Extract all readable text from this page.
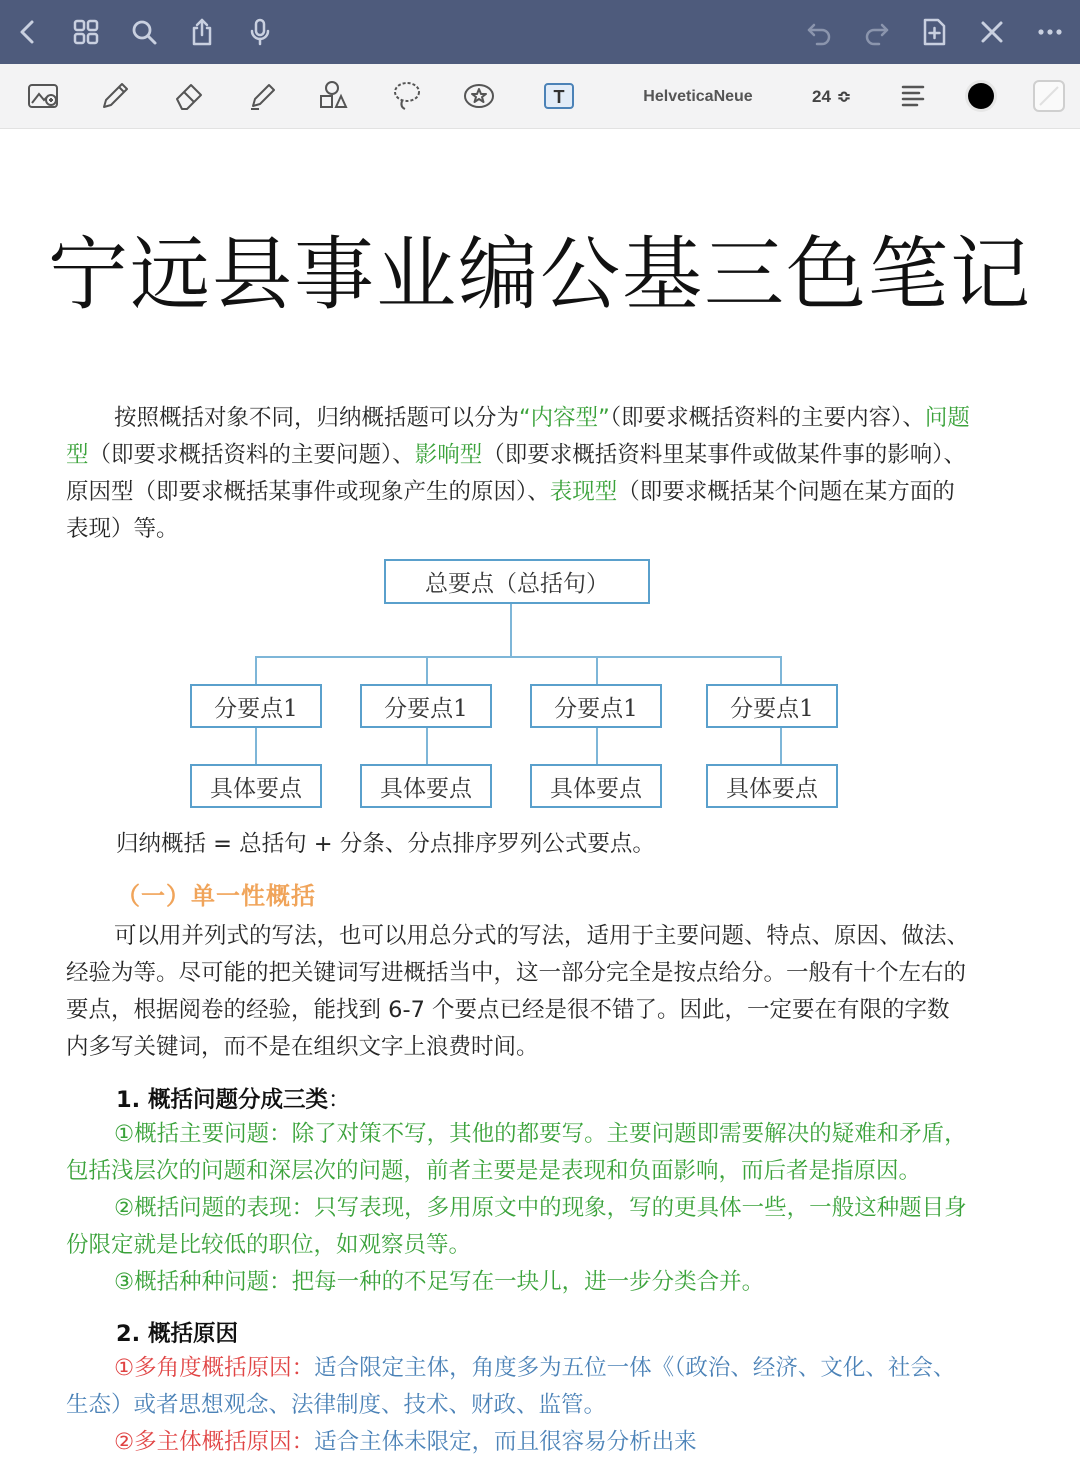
T	HelveticaNeue	24 ≎
宁远县事业编公基三色笔记
按照概括对象不同，归纳概括题可以分为“内容型”（即要求概括资料的主要内容）、问题型（即要求概括资料的主要问题）、影响型（即要求概括资料里某事件或做某件事的影响）、原因型（即要求概括某事件或现象产生的原因）、表现型（即要求概括某个问题在某方面的表现）等。
总要点（总括句）
分要点1	分要点1	分要点1	分要点1
具体要点	具体要点	具体要点	具体要点
归纳概括 = 总括句 + 分条、分点排序罗列公式要点。
（一）单一性概括
可以用并列式的写法，也可以用总分式的写法，适用于主要问题、特点、原因、做法、经验为等。尽可能的把关键词写进概括当中，这一部分完全是按点给分。一般有十个左右的要点，根据阅卷的经验，能找到 6-7 个要点已经是很不错了。因此，一定要在有限的字数内多写关键词，而不是在组织文字上浪费时间。
1. 概括问题分成三类：
①概括主要问题：除了对策不写，其他的都要写。主要问题即需要解决的疑难和矛盾，包括浅层次的问题和深层次的问题，前者主要是是表现和负面影响，而后者是指原因。
②概括问题的表现：只写表现，多用原文中的现象，写的更具体一些，一般这种题目身份限定就是比较低的职位，如观察员等。
③概括种种问题：把每一种的不足写在一块儿，进一步分类合并。
2. 概括原因
①多角度概括原因：适合限定主体，角度多为五位一体《（政治、经济、文化、社会、生态）或者思想观念、法律制度、技术、财政、监管。
②多主体概括原因：适合主体未限定，而且很容易分析出来
